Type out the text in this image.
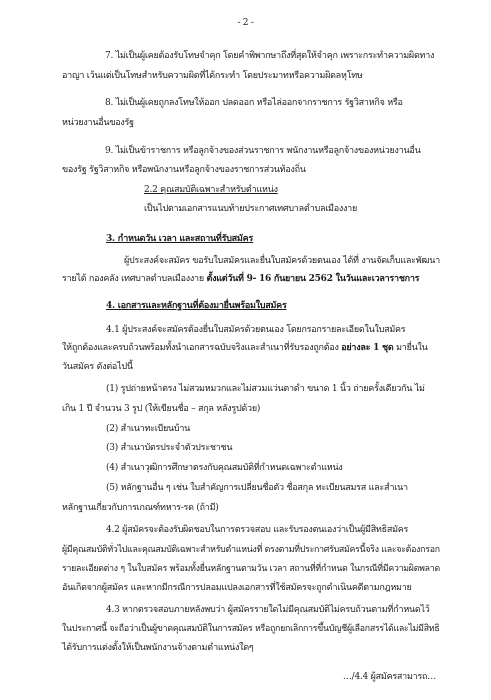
- 2 -
7. ไม่เป็นผู้เคยต้องรับโทษจำคุก โดยคำพิพากษาถึงที่สุดให้จำคุก เพราะกระทำความผิดทาง
อาญา เว้นแต่เป็นโทษสำหรับความผิดที่ได้กระทำ โดยประมาทหรือความผิดลหุโทษ
8. ไม่เป็นผู้เคยถูกลงโทษให้ออก ปลดออก หรือไล่ออกจากราชการ รัฐวิสาหกิจ หรือ
หน่วยงานอื่นของรัฐ
9. ไม่เป็นข้าราชการ หรือลูกจ้างของส่วนราชการ พนักงานหรือลูกจ้างของหน่วยงานอื่น
ของรัฐ รัฐวิสาหกิจ หรือพนักงานหรือลูกจ้างของราชการส่วนท้องถิ่น
2.2 คุณสมบัติเฉพาะสำหรับตำแหน่ง
เป็นไปตามเอกสารแนบท้ายประกาศเทศบาลตำบลเมืองงาย
3. กำหนดวัน เวลา และสถานที่รับสมัคร
ผู้ประสงค์จะสมัคร ขอรับใบสมัครและยื่นใบสมัครด้วยตนเอง ได้ที่ งานจัดเก็บและพัฒนา
รายได้ กองคลัง เทศบาลตำบลเมืองงาย ตั้งแต่วันที่ 9- 16 กันยายน 2562 ในวันและเวลาราชการ
4. เอกสารและหลักฐานที่ต้องมายื่นพร้อมใบสมัคร
4.1 ผู้ประสงค์จะสมัครต้องยื่นใบสมัครด้วยตนเอง โดยกรอกรายละเอียดในใบสมัคร
ให้ถูกต้องและครบถ้วนพร้อมทั้งนำเอกสารฉบับจริงและสำเนาที่รับรองถูกต้อง อย่างละ 1 ชุด มายื่นใน
วันสมัคร ดังต่อไปนี้
(1) รูปถ่ายหน้าตรง ไม่สวมหมวกและไม่สวมแว่นตาดำ ขนาด 1 นิ้ว ถ่ายครั้งเดียวกัน ไม่
เกิน 1 ปี จำนวน 3 รูป (ให้เขียนชื่อ – สกุล หลังรูปด้วย)
(2) สำเนาทะเบียนบ้าน
(3) สำเนาบัตรประจำตัวประชาชน
(4) สำเนาวุฒิการศึกษาตรงกับคุณสมบัติที่กำหนดเฉพาะตำแหน่ง
(5) หลักฐานอื่น ๆ เช่น ใบสำคัญการเปลี่ยนชื่อตัว ชื่อสกุล ทะเบียนสมรส และสำเนา
หลักฐานเกี่ยวกับการเกณฑ์ทหาร-รด (ถ้ามี)
4.2 ผู้สมัครจะต้องรับผิดชอบในการตรวจสอบ และรับรองตนเองว่าเป็นผู้มีสิทธิสมัคร
ผู้มีคุณสมบัติทั่วไปและคุณสมบัติเฉพาะสำหรับตำแหน่งที่ ตรงตามที่ประกาศรับสมัครนี้จริง และจะต้องกรอก
รายละเอียดต่าง ๆ ในใบสมัคร พร้อมทั้งยื่นหลักฐานตามวัน เวลา สถานที่ที่กำหนด ในกรณีที่มีความผิดพลาด
อันเกิดจากผู้สมัคร และหากมีกรณีการปลอมแปลงเอกสารที่ใช้สมัครจะถูกดำเนินคดีตามกฎหมาย
4.3 หากตรวจสอบภายหลังพบว่า ผู้สมัครรายใดไม่มีคุณสมบัติไม่ครบถ้วนตามที่กำหนดไว้
ในประกาศนี้ จะถือว่าเป็นผู้ขาดคุณสมบัติในการสมัคร หรือถูกยกเลิกการขึ้นบัญชีผู้เลือกสรรได้และไม่มีสิทธิ
ได้รับการแต่งตั้งให้เป็นพนักงานจ้างตามตำแหน่งใดๆ
…/4.4 ผู้สมัครสามารถ…
